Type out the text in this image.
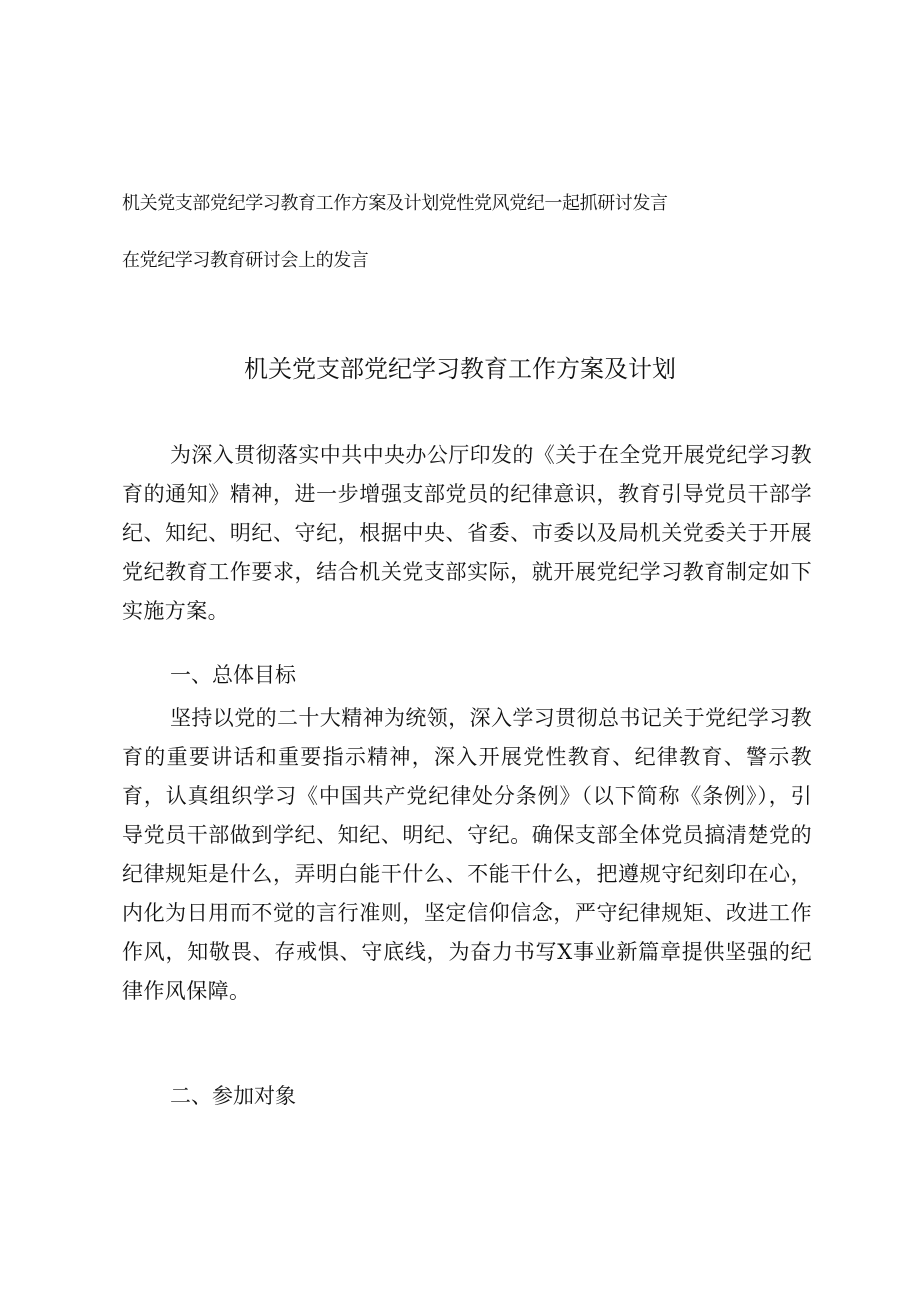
机关党支部党纪学习教育工作方案及计划党性党风党纪一起抓研讨发言
在党纪学习教育研讨会上的发言
机关党支部党纪学习教育工作方案及计划

为深入贯彻落实中共中央办公厅印发的《关于在全党开展党纪学习教育的通知》精神，进一步增强支部党员的纪律意识，教育引导党员干部学纪、知纪、明纪、守纪，根据中央、省委、市委以及局机关党委关于开展党纪教育工作要求，结合机关党支部实际，就开展党纪学习教育制定如下实施方案。

一、总体目标

坚持以党的二十大精神为统领，深入学习贯彻总书记关于党纪学习教育的重要讲话和重要指示精神，深入开展党性教育、纪律教育、警示教育，认真组织学习《中国共产党纪律处分条例》（以下简称《条例》），引导党员干部做到学纪、知纪、明纪、守纪。确保支部全体党员搞清楚党的纪律规矩是什么，弄明白能干什么、不能干什么，把遵规守纪刻印在心，内化为日用而不觉的言行准则，坚定信仰信念，严守纪律规矩、改进工作作风，知敬畏、存戒惧、守底线，为奋力书写X事业新篇章提供坚强的纪律作风保障。

二、参加对象
